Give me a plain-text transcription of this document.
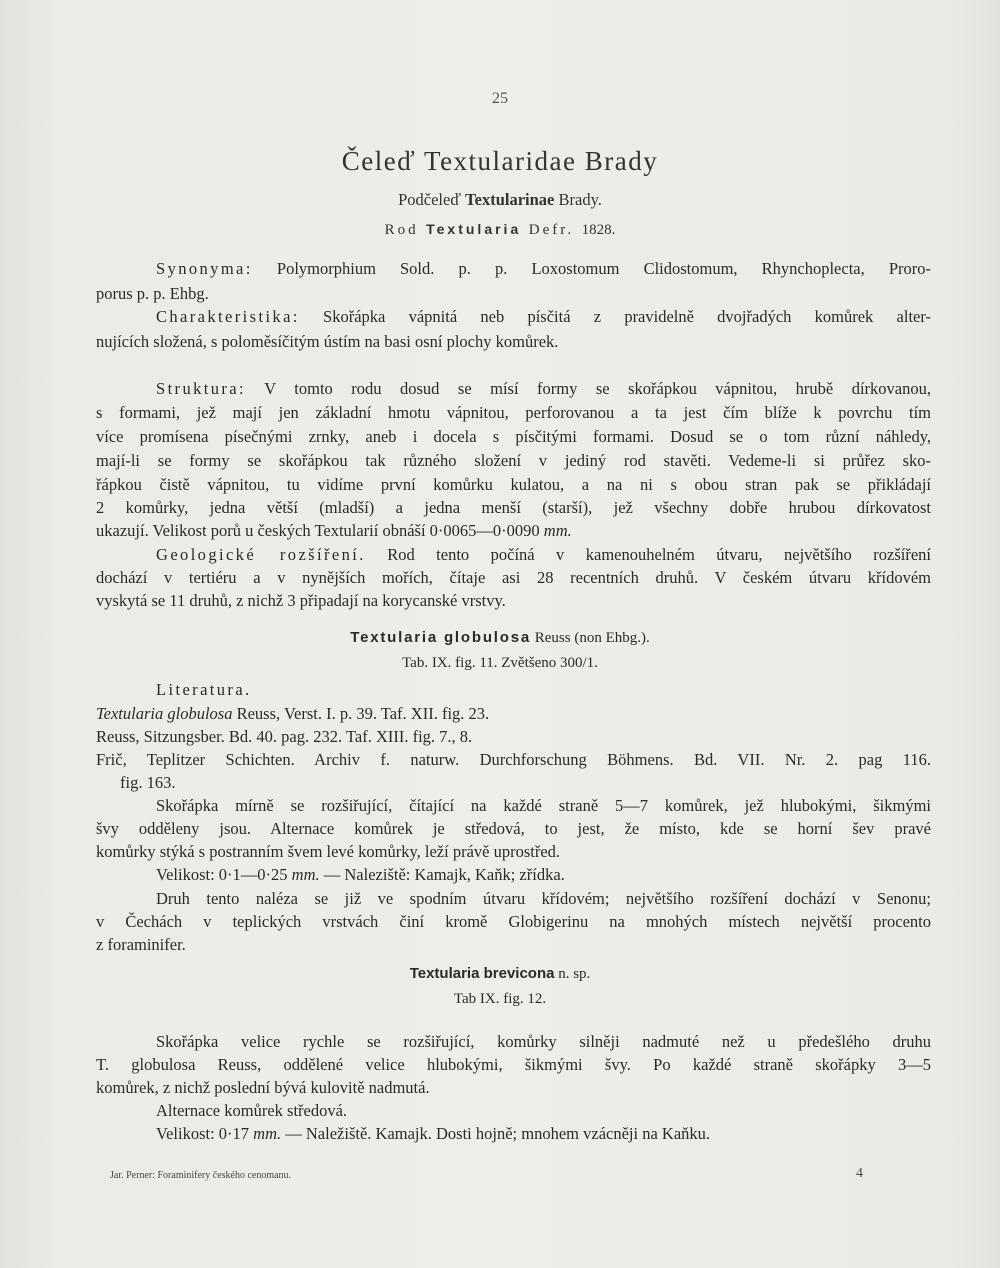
25
Čeleď Textularidae Brady
Podčeleď Textularinae Brady.
Rod Textularia Defr. 1828.
Synonyma: Polymorphium Sold. p. p. Loxostomum Clidostomum, Rhynchoplecta, Proro-
porus p. p. Ehbg.
Charakteristika: Skořápka vápnitá neb písčitá z pravidelně dvojřadých komůrek alter-
nujících složená, s poloměsíčitým ústím na basi osní plochy komůrek.
Struktura: V tomto rodu dosud se mísí formy se skořápkou vápnitou, hrubě dírkovanou,
s formami, jež mají jen základní hmotu vápnitou, perforovanou a ta jest čím blíže k povrchu tím
více promísena písečnými zrnky, aneb i docela s písčitými formami. Dosud se o tom různí náhledy,
mají-li se formy se skořápkou tak různého složení v jediný rod stavěti. Vedeme-li si průřez sko-
řápkou čistě vápnitou, tu vidíme první komůrku kulatou, a na ni s obou stran pak se přikládají
2 komůrky, jedna větší (mladší) a jedna menší (starší), jež všechny dobře hrubou dírkovatost
ukazují. Velikost porů u českých Textularií obnáší 0·0065—0·0090 mm.
Geologické rozšíření. Rod tento počíná v kamenouhelném útvaru, největšího rozšíření
dochází v tertiéru a v nynějších mořích, čítaje asi 28 recentních druhů. V českém útvaru křídovém
vyskytá se 11 druhů, z nichž 3 připadají na korycanské vrstvy.
Textularia globulosa Reuss (non Ehbg.).
Tab. IX. fig. 11. Zvětšeno 300/1.
Literatura.
Textularia globulosa Reuss, Verst. I. p. 39. Taf. XII. fig. 23.
Reuss, Sitzungsber. Bd. 40. pag. 232. Taf. XIII. fig. 7., 8.
Frič, Teplitzer Schichten. Archiv f. naturw. Durchforschung Böhmens. Bd. VII. Nr. 2. pag 116.
fig. 163.
Skořápka mírně se rozšiřující, čítající na každé straně 5—7 komůrek, jež hlubokými, šikmými
švy odděleny jsou. Alternace komůrek je středová, to jest, že místo, kde se horní šev pravé
komůrky stýká s postranním švem levé komůrky, leží právě uprostřed.
Velikost: 0·1—0·25 mm. — Naleziště: Kamajk, Kaňk; zřídka.
Druh tento naléza se již ve spodním útvaru křídovém; největšího rozšíření dochází v Senonu;
v Čechách v teplických vrstvách činí kromě Globigerinu na mnohých místech největší procento
z foraminifer.
Textularia brevicona n. sp.
Tab IX. fig. 12.
Skořápka velice rychle se rozšiřující, komůrky silněji nadmuté než u předešlého druhu
T. globulosa Reuss, oddělené velice hlubokými, šikmými švy. Po každé straně skořápky 3—5
komůrek, z nichž poslední bývá kulovitě nadmutá.
Alternace komůrek středová.
Velikost: 0·17 mm. — Naležiště. Kamajk. Dosti hojně; mnohem vzácněji na Kaňku.
Jar. Perner: Foraminifery českého cenomanu.	4
